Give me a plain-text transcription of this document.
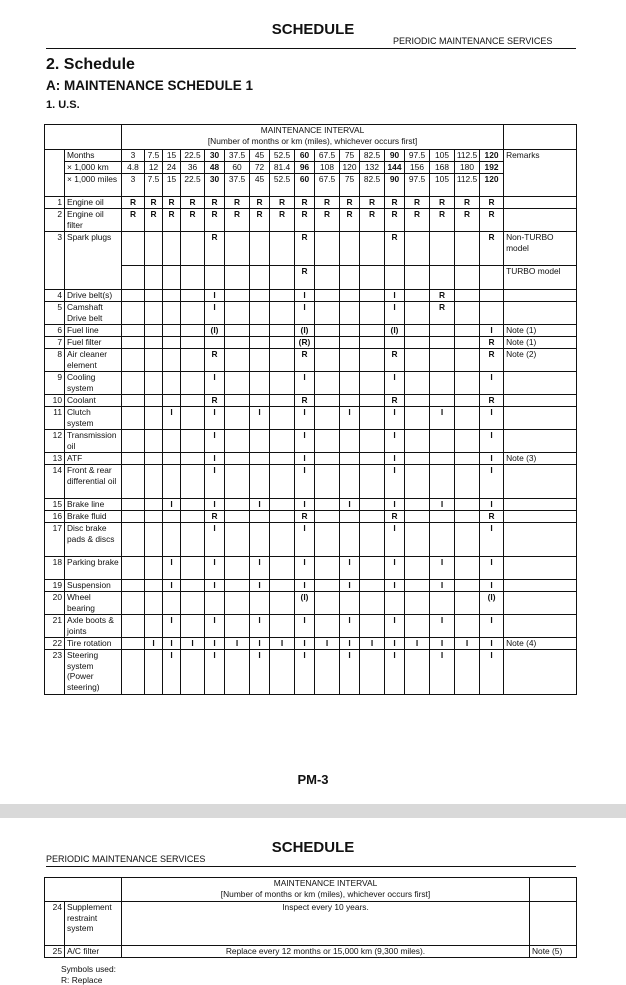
SCHEDULE
PERIODIC MAINTENANCE SERVICES
2. Schedule
A: MAINTENANCE SCHEDULE 1
1. U.S.

		MAINTENANCE INTERVAL
[Number of months or km (miles), whichever occurs first]																	

	Months	3	7.5	15	22.5	30	37.5	45	52.5	60	67.5	75	82.5	90	97.5	105	112.5	120	Remarks
	× 1,000 km	4.8	12	24	36	48	60	72	81.4	96	108	120	132	144	156	168	180	192	
	× 1,000 miles	3	7.5	15	22.5	30	37.5	45	52.5	60	67.5	75	82.5	90	97.5	105	112.5	120	
1	Engine oil	R	R	R	R	R	R	R	R	R	R	R	R	R	R	R	R	R	
2	Engine oil filter	R	R	R	R	R	R	R	R	R	R	R	R	R	R	R	R	R	
3	Spark plugs					R				R				R				R	Non-TURBO model
										R									TURBO model
4	Drive belt(s)					I				I				I		R			
5	Camshaft Drive belt					I				I				I		R			
6	Fuel line					(I)				(I)				(I)				I	Note (1)
7	Fuel filter									(R)								R	Note (1)
8	Air cleaner element					R				R				R				R	Note (2)
9	Cooling system					I				I				I				I	
10	Coolant					R				R				R				R	
11	Clutch system			I		I		I		I		I		I		I		I	
12	Transmission oil					I				I				I				I	
13	ATF					I				I				I				I	Note (3)
14	Front & rear differential oil					I				I				I				I	
15	Brake line			I		I		I		I		I		I		I		I	
16	Brake fluid					R				R				R				R	
17	Disc brake pads & discs					I				I				I				I	
18	Parking brake			I		I		I		I		I		I		I		I	
19	Suspension			I		I		I		I		I		I		I		I	
20	Wheel bearing									(I)								(I)	
21	Axle boots & joints			I		I		I		I		I		I		I		I	
22	Tire rotation		I	I	I	I	I	I	I	I	I	I	I	I	I	I	I	I	Note (4)
23	Steering system (Power steering)			I		I		I		I		I		I		I		I	
PM-3
SCHEDULE
PERIODIC MAINTENANCE SERVICES

		MAINTENANCE INTERVAL
[Number of months or km (miles), whichever occurs first]	

24	Supplement restraint system	Inspect every 10 years.	
25	A/C filter	Replace every 12 months or 15,000 km (9,300 miles).	Note (5)
Symbols used:
R: Replace
